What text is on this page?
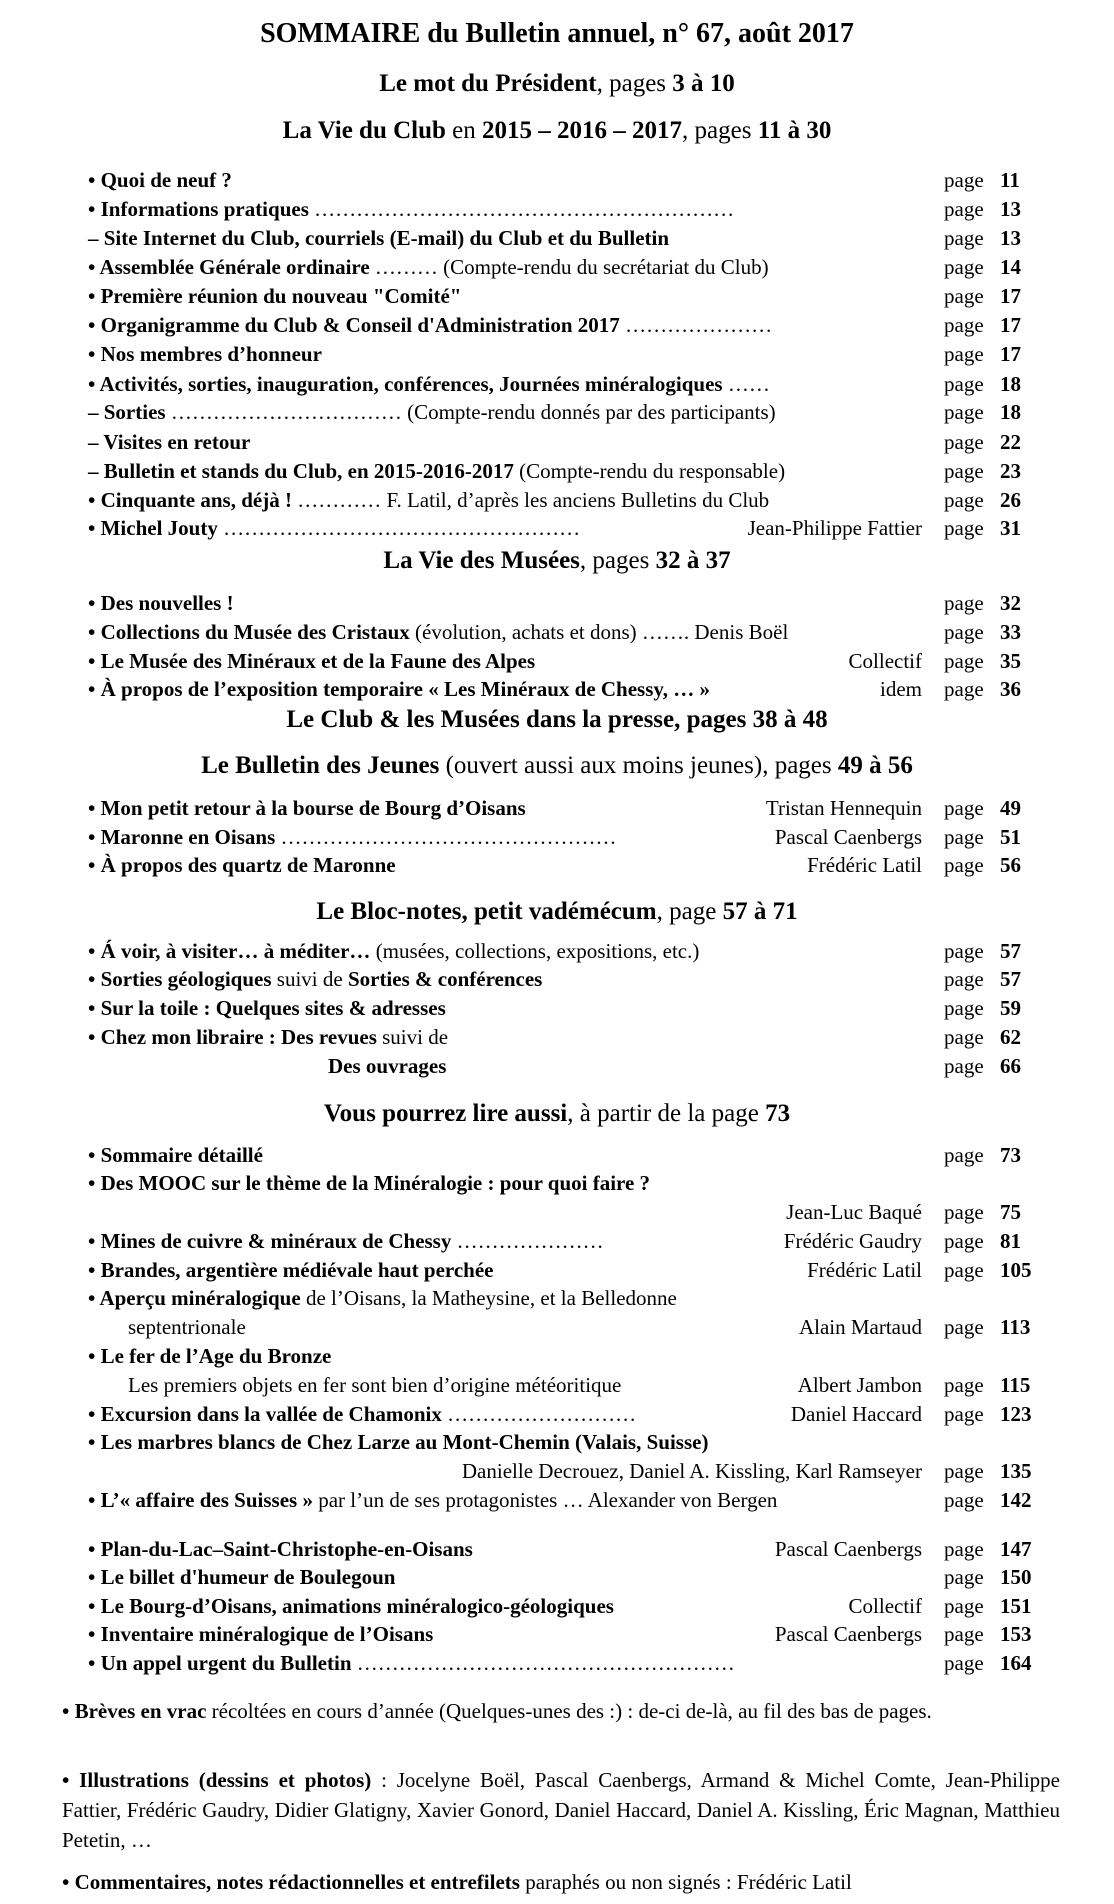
SOMMAIRE du Bulletin annuel, n° 67, août 2017
Le mot du Président, pages 3 à 10
La Vie du Club en 2015 – 2016 – 2017, pages 11 à 30
• Quoi de neuf ?	page 11
• Informations pratiques ……………………………………………………	page 13
– Site Internet du Club, courriels (E-mail) du Club et du Bulletin	page 13
• Assemblée Générale ordinaire ……… (Compte-rendu du secrétariat du Club)	page 14
• Première réunion du nouveau "Comité"	page 17
• Organigramme du Club & Conseil d'Administration 2017 …………………	page 17
• Nos membres d’honneur	page 17
• Activités, sorties, inauguration, conférences, Journées minéralogiques ……	page 18
– Sorties …………………………… (Compte-rendu donnés par des participants)	page 18
– Visites en retour	page 22
– Bulletin et stands du Club, en 2015-2016-2017 (Compte-rendu du responsable)	page 23
• Cinquante ans, déjà ! ………… F. Latil, d’après les anciens Bulletins du Club	page 26
• Michel Jouty ……………………………………………	Jean-Philippe Fattier page 31
La Vie des Musées, pages 32 à 37
• Des nouvelles !	page 32
• Collections du Musée des Cristaux (évolution, achats et dons) ……. Denis Boël	page 33
• Le Musée des Minéraux et de la Faune des Alpes	Collectif page 35
• À propos de l’exposition temporaire « Les Minéraux de Chessy, … »	idem page 36
Le Club & les Musées dans la presse, pages 38 à 48
Le Bulletin des Jeunes (ouvert aussi aux moins jeunes), pages 49 à 56
• Mon petit retour à la bourse de Bourg d’Oisans	Tristan Hennequin page 49
• Maronne en Oisans …………………………………………	Pascal Caenbergs page 51
• À propos des quartz de Maronne	Frédéric Latil page 56
Le Bloc-notes, petit vadémécum, page 57 à 71
• Á voir, à visiter… à méditer… (musées, collections, expositions, etc.)	page 57
• Sorties géologiques suivi de Sorties & conférences	page 57
• Sur la toile : Quelques sites & adresses	page 59
• Chez mon libraire : Des revues suivi de	page 62
Des ouvrages	page 66
Vous pourrez lire aussi, à partir de la page 73
• Sommaire détaillé	page 73
• Des MOOC sur le thème de la Minéralogie : pour quoi faire ?
Jean-Luc Baqué page 75
• Mines de cuivre & minéraux de Chessy …………………	Frédéric Gaudry page 81
• Brandes, argentière médiévale haut perchée	Frédéric Latil page 105
• Aperçu minéralogique de l’Oisans, la Matheysine, et la Belledonne
septentrionale	Alain Martaud page 113
• Le fer de l’Age du Bronze
Les premiers objets en fer sont bien d’origine météoritique	Albert Jambon page 115
• Excursion dans la vallée de Chamonix ………………………	Daniel Haccard page 123
• Les marbres blancs de Chez Larze au Mont-Chemin (Valais, Suisse)
Danielle Decrouez, Daniel A. Kissling, Karl Ramseyer page 135
• L’« affaire des Suisses » par l’un de ses protagonistes … Alexander von Bergen	page 142
• Plan-du-Lac–Saint-Christophe-en-Oisans	Pascal Caenbergs page 147
• Le billet d'humeur de Boulegoun	page 150
• Le Bourg-d’Oisans, animations minéralogico-géologiques	Collectif page 151
• Inventaire minéralogique de l’Oisans	Pascal Caenbergs page 153
• Un appel urgent du Bulletin ………………………………………………	page 164
• Brèves en vrac récoltées en cours d’année (Quelques-unes des :) : de-ci de-là, au fil des bas de pages.
• Illustrations (dessins et photos) : Jocelyne Boël, Pascal Caenbergs, Armand & Michel Comte, Jean-Philippe Fattier, Frédéric Gaudry, Didier Glatigny, Xavier Gonord, Daniel Haccard, Daniel A. Kissling, Éric Magnan, Matthieu Petetin, …
• Commentaires, notes rédactionnelles et entrefilets paraphés ou non signés : Frédéric Latil
